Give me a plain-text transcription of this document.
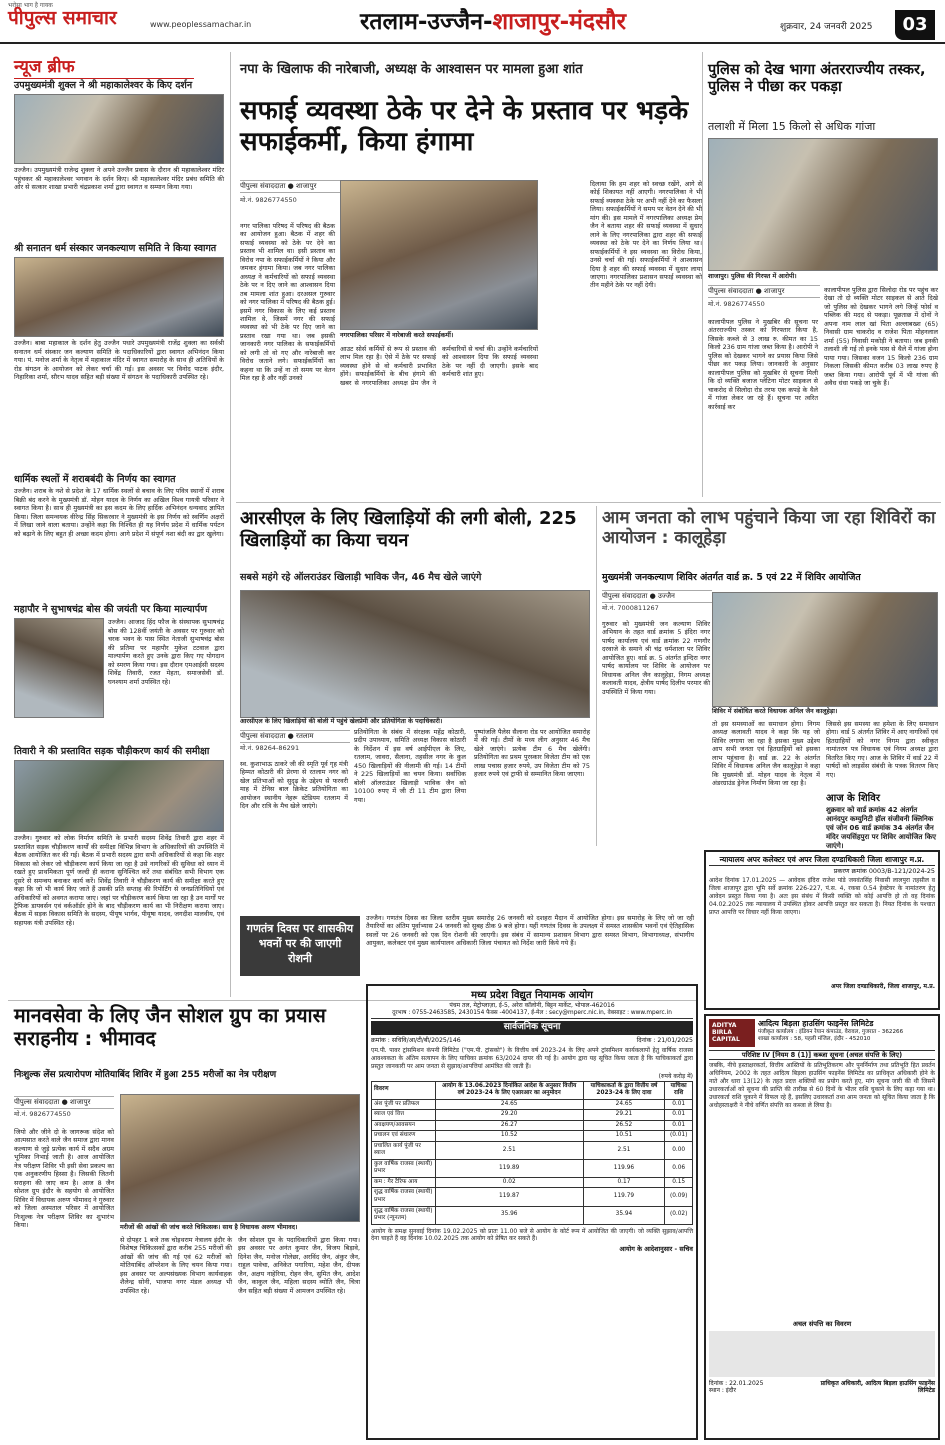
भरोसा भाग है गायक
पीपुल्स समाचार	www.peoplessamachar.in	रतलाम-उज्जैन-शाजापुर-मंदसौर	शुक्रवार, 24 जनवरी 2025	03
न्यूज ब्रीफ
उपमुख्यमंत्री शुक्ल ने श्री महाकालेश्वर के किए दर्शन
उज्जैन। उपमुख्यमंत्री राजेन्द्र शुक्ला ने अपने उज्जैन प्रवास के दौरान श्री महाकालेश्वर मंदिर पहुंचकर श्री महाकालेश्वर भगवान के दर्शन किए। श्री महाकालेश्वर मंदिर प्रबंध समिति की ओर से सत्कार शाखा प्रभारी चंद्रप्रकाश शर्मा द्वारा स्वागत व सम्मान किया गया।
श्री सनातन धर्म संस्कार जनकल्याण समिति ने किया स्वागत
उज्जैन। बाबा महाकाल के दर्शन हेतु उज्जैन पधारे उपमुख्यमंत्री राजेंद्र शुक्ला का सर्वश्री सनातन धर्म संस्कार जन कल्याण समिति के पदाधिकारियों द्वारा स्वागत अभिनंदन किया गया। पं. मनोज शर्मा के नेतृत्व में महाकाल मंदिर में स्वागत समारोह के साथ ही अतिथियों के रोड संगठन के आयोजन को लेकर चर्चा की गई। इस अवसर पर विनोद पाटक इंदौर, निहारिका शर्मा, सौरभ यादव सहित बड़ी संख्या में संगठन के पदाधिकारी उपस्थित रहे।
धार्मिक स्थलों में शराबबंदी के निर्णय का स्वागत
उज्जैन। शराब के नशे से प्रदेश के 17 धार्मिक स्थलों से बचाव के लिए पवित्र स्थानों में शराब बिक्री बंद करने के मुख्यमंत्री डॉ. मोहन यादव के निर्णय का अखिल विश्व गायत्री परिवार ने स्वागत किया है। साथ ही मुख्यमंत्री का इस कदम के लिए हार्दिक अभिनंदन धन्यवाद ज्ञापित किया। जिला समन्वयक वीरेन्द्र सिंह सिकरवार ने मुख्यमंत्री के इस निर्णय को स्वर्णिम अक्षरों में लिखा जाने वाला बताया। उन्होंने कहा कि निश्चित ही यह निर्णय प्रदेश में धार्मिक पर्यटन को बढ़ाने के लिए बहुत ही अच्छा कदम होगा। आगे प्रदेश में संपूर्ण नशा बंदी का द्वार खुलेगा।
महापौर ने सुभाषचंद्र बोस की जयंती पर किया माल्यार्पण
उज्जैन। आजाद हिंद फौज के संस्थापक सुभाषचंद्र बोस की 128वीं जयंती के अवसर पर गुरुवार को चरक भवन के पास स्थित नेताजी सुभाषचंद्र बोस की प्रतिमा पर महापौर मुकेश टटवाल द्वारा माल्यार्पण करते हुए उनके द्वारा किए गए योगदान को स्मरण किया गया। इस दौरान एमआईसी सदस्य शिवेंद्र तिवारी, रजत मेहता, समाजसेवी डॉ. घनश्याम शर्मा उपस्थित रहे।
तिवारी ने की प्रस्तावित सड़क चौड़ीकरण कार्य की समीक्षा
उज्जैन। गुरुवार को लोक निर्माण समिति के प्रभारी सदस्य शिवेंद्र तिवारी द्वारा शहर में प्रस्तावित सड़क चौड़ीकरण कार्यों की समीक्षा विभिन्न विभाग के अधिकारियों की उपस्थिति में बैठक आयोजित कर की गई। बैठक में प्रभारी सदस्य द्वारा सभी अधिकारियों से कहा कि शहर विकास को लेकर जो चौड़ीकरण कार्य किया जा रहा है उसे नागरिकों की सुविधा को ध्यान में रखते हुए प्राथमिकता पूर्ण जल्दी ही कराना सुनिश्चित करें तथा संबंधित सभी विभाग एक दूसरे से समन्वय बनाकर कार्य करें। शिवेंद्र तिवारी ने चौड़ीकरण कार्य की समीक्षा करते हुए कहा कि जो भी कार्य किए जाते हैं उसकी प्रति सप्ताह की रिपोर्टिंग से जनप्रतिनिधियों एवं अधिकारियों को अवगत कराया जाए। जहां पर चौड़ीकरण कार्य किया जा रहा है उन मार्गों पर ट्रैफिक डायवर्सन एवं वर्कऑर्डर होने के बाद चौड़ीकरण कार्य का भी निरीक्षण कराया जाए। बैठक में सड़क विकास समिति के सदस्य, पीयूष भार्गव, पीयूषा यादव, जगदीश मालवीय, एवं सहायक यंत्री उपस्थित रहे।
नपा के खिलाफ की नारेबाजी, अध्यक्ष के आश्वासन पर मामला हुआ शांत
सफाई व्यवस्था ठेके पर देने के प्रस्ताव पर भड़के सफाईकर्मी, किया हंगामा
पीपुल्स संवाददाता ● शाजापुर
मो.नं. 9826774550
नगर पालिका परिषद में परिषद की बैठक का आयोजन हुआ। बैठक में शहर की सफाई व्यवस्था को ठेके पर देने का प्रस्ताव भी शामिल था। इसी प्रस्ताव का विरोध नपा के सफाईकर्मियों ने किया और जमकर हंगामा किया। जब नगर पालिका अध्यक्ष ने कर्मचारियों को सफाई व्यवस्था ठेके पर न दिए जाने का आश्वासन दिया तब मामला शांत हुआ। दरअसल गुरुवार को नगर पालिका में परिषद की बैठक हुई। इसमें नगर विकास के लिए कई प्रस्ताव शामिल थे, जिसमें नगर की सफाई व्यवस्था को भी ठेके पर दिए जाने का प्रस्ताव रखा गया था। जब इसकी जानकारी नगर पालिका के सफाईकर्मियों को लगी तो वो गए और नारेबाजी कर विरोध जताने लगे। सफाईकर्मियों का कहना था कि उन्हें ना तो समय पर वेतन मिल रहा है और नहीं उनको
नगरपालिका परिसर में नारेबाजी करते सफाईकर्मी।
आउट सोर्स कर्मियों से रूप से प्रस्ताव की लाभ मिल रहा है। ऐसे में ठेके पर सफाई व्यवस्था होने से वो कर्मचारी प्रभावित होंगे। सफाईकर्मियों के बीच हंगामे की खबर से नगरपालिका अध्यक्ष प्रेम जैन ने कर्मचारियों से चर्चा की। उन्होंने कर्मचारियों को आश्वासन दिया कि सफाई व्यवस्था ठेके पर नहीं दी जाएगी। इसके बाद कर्मचारी शांत हुए।
दिलाया कि हम शहर को स्वच्छ रखेंगे, आगे से कोई शिकायत नहीं आएगी। नगरपालिका ने भी सफाई व्यवस्था ठेके पर अभी नहीं देने का फैसला लिया। सफाईकर्मियों ने समय पर वेतन देने की भी मांग की। इस मामले में नगरपालिका अध्यक्ष प्रेम जैन ने बताया शहर की सफाई व्यवस्था में सुधार लाने के लिए नगरपालिका द्वारा शहर की सफाई व्यवस्था को ठेके पर देने का निर्णय लिया था। सफाईकर्मियों ने इस व्यवस्था का विरोध किया, उनसे चर्चा की गई। सफाईकर्मियों ने आश्वासन दिया है शहर की सफाई व्यवस्था में सुधार लाया जाएगा। नगरपालिका प्रशासन सफाई व्यवस्था को तीन महीने ठेके पर नहीं देगी।
पुलिस को देख भागा अंतरराज्यीय तस्कर, पुलिस ने पीछा कर पकड़ा
तलाशी में मिला 15 किलो से अधिक गांजा
शाजापुर। पुलिस की गिरफ्त में आरोपी।
पीपुल्स संवाददाता ● शाजापुर
मो.नं. 9826774550
कालापीपल पुलिस ने मुखबिर की सूचना पर अंतरराज्यीय तस्कर को गिरफ्तार किया है, जिसके कब्जे से 3 लाख रु. कीमत का 15 किलो 236 ग्राम गांजा जब्त किया है। आरोपी ने पुलिस को देखकर भागने का प्रयास किया जिसे पीछा कर पकड़ लिया। जानकारी के अनुसार कालापीपल पुलिस को मुखबिर से सूचना मिली कि दो व्यक्ति बजाज प्लेटिना मोटर साइकल से चाकरोद से सिलोदा रोड तरफ एक कपड़े के थैले में गांजा लेकर जा रहे हैं। सूचना पर त्वरित कार्रवाई कर
कालापीपल पुलिस द्वारा सिलोदा रोड पर पहुंच कर देखा तो दो व्यक्ति मोटर साइकल से आते दिखे जो पुलिस को देखकर भागने लगे जिन्हें फोर्स व पब्लिक की मदद से पकड़ा। पूछताछ में दोनों ने अपना नाम लाल खां पिता अल्लाबख्श (65) निवासी ग्राम चाकरोद व राजेश पिता मोहनलाल शर्मा (55) निवासी मकोड़ी ने बताया। जब इनकी तलाशी ली गई तो इनके पास से थैले में गांजा होना पाया गया। जिसका वजन 15 किलो 236 ग्राम निकला जिसकी कीमत करीब 03 लाख रुपए है जब्त किया गया। आरोपी पूर्व में भी गांजा की अवैध धंधा पकड़े जा चुके हैं।
आरसीएल के लिए खिलाड़ियों की लगी बोली, 225 खिलाड़ियों का किया चयन
सबसे महंगे रहे ऑलराउंडर खिलाड़ी भाविक जैन, 46 मैच खेले जाएंगे
आरसीएल के लिए खिलाड़ियों की बोली में पहुंचे खेलप्रेमी और प्रतियोगिता के पदाधिकारी।
पीपुल्स संवाददाता ● रतलाम
मो.नं. 98264-86291
स्व. कुशाभाऊ ठाकरे जी की स्मृति पूर्व गृह मंत्री हिम्मत कोठारी की प्रेरणा से रतलाम नगर को खेल प्रतिभाओं को सुदृढ़ के उद्देश्य से फरवरी माह में टेनिस बाल क्रिकेट प्रतियोगिता का आयोजन स्थानीय नेहरू स्टेडियम रतलाम में दिन और रात्रि के मैच खेले जाएंगे।
प्रतियोगिता के संबंध में संरक्षक महेंद्र कोठारी, प्रदीप उपाध्याय, समिति अध्यक्ष विकास कोठारी के निर्देशन में इस वर्ष आईपीएल के लिए, रतलाम, जावरा, सैलाना, तहसील नगर के कुल 450 खिलाड़ियों की नीलामी की गई। 14 टीमों ने 225 खिलाड़ियों का चयन किया। सर्वाधिक बोली ऑलराउंडर खिलाड़ी भाविक जैन को 10100 रुपए में जी टी 11 टीम द्वारा लिया गया।
पुष्पांजलि पैलेस सैलाना रोड पर आयोजित समारोह में की गई। टीमों के मध्य लीग अनुसार 46 मैच खेले जाएंगे। प्रत्येक टीम 6 मैच खेलेंगी। प्रतियोगिता का प्रथम पुरस्कार विजेता टीम को एक लाख पचास हजार रुपये, उप विजेता टीम को 75 हजार रुपये एवं ट्राफी से सम्मानित किया जाएगा।
आम जनता को लाभ पहुंचाने किया जा रहा शिविरों का आयोजन : कालूहेड़ा
मुख्यमंत्री जनकल्याण शिविर अंतर्गत वार्ड क्र. 5 एवं 22 में शिविर आयोजित
पीपुल्स संवाददाता ● उज्जैन
मो.नं. 7000811267
गुरुवार को मुख्यमंत्री जन कल्याण शिविर अभियान के तहत वार्ड क्रमांक 5 इंदिरा नगर पार्षद कार्यालय एवं वार्ड क्रमांक 22 गणगौर दरवाजे के समाने श्री चंद्र धर्मशाला पर शिविर आयोजित हुए। वार्ड क्र. 5 अंतर्गत इन्दिरा नगर पार्षद कार्यालय पर शिविर के आयोजन पर विधायक अनिल जैन कालूहेड़ा, निगम अध्यक्ष कलावती यादव, क्षेत्रीय पार्षद दिलीप परमार की उपस्थिति में किया गया।
शिविर में संबोधित करते विधायक अनिल जैन कालूहेड़ा।
तो इस समस्याओं का समाधान होगा। निगम अध्यक्ष कलावती यादव ने कहा कि यह जो शिविर लगाया जा रहा है इसका मुख्य उद्देश्य आप सभी जनता एवं हितग्राहियों को इसका लाभ पहुंचाना है। वार्ड क्र. 22 के अंतर्गत शिविर में विधायक अनिल जैन कालूहेड़ा ने कहा कि मुख्यमंत्री डॉ. मोहन यादव के नेतृत्व में अंडरग्राउंड ड्रेनेज निर्माण किया जा रहा है।
जिससे इस समस्या का हमेशा के लिए समाधान होगा। वार्ड 5 अंतर्गत शिविर में आए नागरिकों एवं हितग्राहियों को नगर निगम द्वारा स्वीकृत नामांतरण पत्र विधायक एवं निगम अध्यक्ष द्वारा वितरित किए गए। आज के शिविर में वार्ड 22 में पार्षदों को लाइसेंस संबंधी के पत्रक वितरण किए गए।
आज के शिविर
शुक्रवार को वार्ड क्रमांक 42 अंतर्गत आनंदपुर कम्युनिटी हॉल संजीवनी क्लिनिक एवं जोन 06 वार्ड क्रमांक 34 अंतर्गत जैन मंदिर जयसिंहपुरा पर शिविर आयोजित किए जाएंगे।
गणतंत्र दिवस पर शासकीय भवनों पर की जाएगी रोशनी
उज्जैन। गणतंत्र दिवस का जिला स्तरीय मुख्य समारोह 26 जनवरी को दशहरा मैदान में आयोजित होगा। इस समारोह के लिए जो जा रही तैयारियों का अंतिम पूर्वाभ्यास 24 जनवरी को सुबह ठीक 9 बजे होगा। यहीं गणतंत्र दिवस के उपलक्ष्य में समस्त शासकीय भवनों एवं ऐतिहासिक स्थलों पर 26 जनवरी को एक दिन रोशनी की जाएगी। इस संबंध में सामान्य प्रशासन विभाग द्वारा समस्त विभाग, विभागाध्यक्ष, संभागीय आयुक्त, कलेक्टर एवं मुख्य कार्यपालन अधिकारी जिला पंचायत को निर्देश जारी किये गये हैं।
न्यायालय अपर कलेक्टर एवं अपर जिला दण्डाधिकारी जिला शाजापुर म.प्र.
प्रकरण क्रमांक 0003/B-121/2024-25
आदेश दिनांक 17.01.2025 — आवेदक इंदिरा राजेश पांडे जयवंतसिंह निवासी लालपुरा तहसील व जिला शाजापुर द्वारा भूमि सर्वे क्रमांक 226-227, पं.स. 4, रकबा 0.54 हेक्टेयर के नामांतरण हेतु आवेदन प्रस्तुत किया गया है। अतः इस संबंध में किसी व्यक्ति को कोई आपत्ति हो तो वह दिनांक 04.02.2025 तक न्यायालय में उपस्थित होकर आपत्ति प्रस्तुत कर सकता है। नियत दिनांक के पश्चात प्राप्त आपत्ति पर विचार नहीं किया जाएगा।
अपर जिला दण्डाधिकारी, जिला शाजापुर, म.प्र.
मानवसेवा के लिए जैन सोशल ग्रुप का प्रयास सराहनीय : भीमावद
निःशुल्क लेंस प्रत्यारोपण मोतियाबिंद शिविर में हुआ 255 मरीजों का नेत्र परीक्षण
पीपुल्स संवाददाता ● शाजापुर
मो.नं. 9826774550
जियो और जीने दो के जागरूक संदेश को आत्मसात करते वाले जैन समाज द्वारा मानव कल्याण से जुड़े प्रत्येक कार्य में सदैव अग्रम भूमिका निभाई जाती है। आज आयोजित नेत्र परीक्षण शिविर भी इसी सेवा प्रकल्प का एक अनुकरणीय हिस्सा है। जिसकी जितनी सराहना की जाए कम है। आज 8 जैन सोशल ग्रुप इंदौर के सहयोग से आयोजित शिविर में विधायक अरुण भीमावद ने गुरुवार को जिला अस्पताल परिसर में आयोजित निःशुल्क नेत्र परीक्षण शिविर का शुभारंभ किया।	मरीजों की आंखों की जांच करते चिकित्सक। साथ है विधायक अरुण भीमावद।
से दोपहर 1 बजे तक चोइथराम नेत्रालय इंदौर के विशेषज्ञ चिकित्सकों द्वारा करीब 255 मरीजों की आंखों की जांच की गई एवं 62 मरीजों को मोतियाबिंद ऑपरेशन के लिए चयन किया गया। इस अवसर पर अल्पसंख्यक विभाग कार्यवाहक शैलेन्द्र सोनी, भाजपा नगर मंडल अध्यक्ष भी उपस्थित रहे।
जैन सोशल ग्रुप के पदाधिकारियों द्वारा किया गया। इस अवसर पर अनंत कुमार जैन, विजय बिड़ावे, दिनेश जैन, मनोज गोलेछा, अरविंद जैन, अंकुर जैन, राहुल पावेचा, अनिकेत पगारिया, महेश जैन, दीपक जैन, अक्षय नाहेरिया, रोहन जैन, सुमित जैन, आदेश जैन, काकुल जैन, महिला सदस्य व्योति जैन, चित्रा जैन सहित बड़ी संख्या में आमजन उपस्थित रहे।
मध्य प्रदेश विद्युत नियामक आयोग
पंचम तल, मेट्रोप्लाज़ा, ई-5, अरेरा कॉलोनी, बिट्टन मार्केट, भोपाल-462016
दूरभाष : 0755-2463585, 2430154 फैक्स -4004137, ई-मेल : secy@mperc.nic.in, वेबसाइट : www.mperc.in
सार्वजनिक सूचना
क्रमांक : सचिवि/आ/टी/बी/2025/146	दिनांक : 21/01/2025
एम.पी. पावर ट्रांसमिशन कंपनी लिमिटेड ("एम.पी. ट्रांसको") के वित्तीय वर्ष 2023-24 के लिए अपने ट्रांसमिशन कार्यकलापों हेतु वार्षिक राजस्व आवश्यकता के अंतिम सत्यापन के लिए याचिका क्रमांक 63/2024 दायर की गई है। आयोग द्वारा यह सूचित किया जाता है कि याचिकाकर्ता द्वारा प्रस्तुत जानकारी पर आम जनता से सुझाव/आपत्तियां आमंत्रित की जाती हैं।
(रुपये करोड़ में)
विवरण	आयोग के 13.06.2023 दिनांकित आदेश के अनुसार वित्तीय वर्ष 2023-24 के लिए एआरआर का अनुमोदन	याचिकाकर्ता के द्वारा वित्तीय वर्ष 2023-24 के लिए दावा	याचिका राशि
अंश पूंजी पर प्रतिफल	24.65	24.65	0.01
ब्याज एवं वित्त	29.20	29.21	0.01
अवक्षयण/आवसयन	26.27	26.52	0.01
प्रचालन एवं संधारण	10.52	10.51	(0.01)
प्रचालित कार्य पूंजी पर ब्याज	2.51	2.51	0.00
कुल वार्षिक राजस्व (स्थायी) प्रभार	119.89	119.96	0.06
कम : गैर टैरिफ आय	0.02	0.17	0.15
शुद्ध वार्षिक राजस्व (स्थायी) प्रभार	119.87	119.79	(0.09)
शुद्ध वार्षिक राजस्व (स्थायी) प्रभार (न्यूनतम)	35.96	35.94	(0.02)
आयोग के समक्ष सुनवाई दिनांक 19.02.2025 को प्रातः 11.00 बजे से आयोग के कोर्ट रूम में आयोजित की जाएगी। जो व्यक्ति सुझाव/आपत्ति देना चाहते हैं वह दिनांक 10.02.2025 तक आयोग को प्रेषित कर सकते हैं।
आयोग के आदेशानुसार - सचिव
ADITYA BIRLA CAPITAL
आदित्य बिड़ला हाउसिंग फाइनेंस लिमिटेड
पंजीकृत कार्यालय : इंडियन रेयान कंपाउंड, वेरावल, गुजरात - 362266
शाखा कार्यालय : 58, पहली मंजिल, इंदौर - 452010
परिशिष्ट IV [नियम 8 (1)] कब्जा सूचना (अचल संपत्ति के लिए)
जबकि, नीचे हस्ताक्षरकर्ता, वित्तीय आस्तियों के प्रतिभूतिकरण और पुनर्निर्माण तथा प्रतिभूति हित प्रवर्तन अधिनियम, 2002 के तहत आदित्य बिड़ला हाउसिंग फाइनेंस लिमिटेड का प्राधिकृत अधिकारी होने के नाते और धारा 13(12) के तहत प्रदत्त शक्तियों का प्रयोग करते हुए, मांग सूचना जारी की थी जिसमें उधारकर्ताओं को सूचना की प्राप्ति की तारीख से 60 दिनों के भीतर राशि चुकाने के लिए कहा गया था। उधारकर्ता राशि चुकाने में विफल रहे हैं, इसलिए उधारकर्ता तथा आम जनता को सूचित किया जाता है कि अधोहस्ताक्षरी ने नीचे वर्णित संपत्ति का कब्जा ले लिया है।
अचल संपत्ति का विवरण
दिनांक : 22.01.2025
स्थान : इंदौर
प्राधिकृत अधिकारी, आदित्य बिड़ला हाउसिंग फाइनेंस लिमिटेड
